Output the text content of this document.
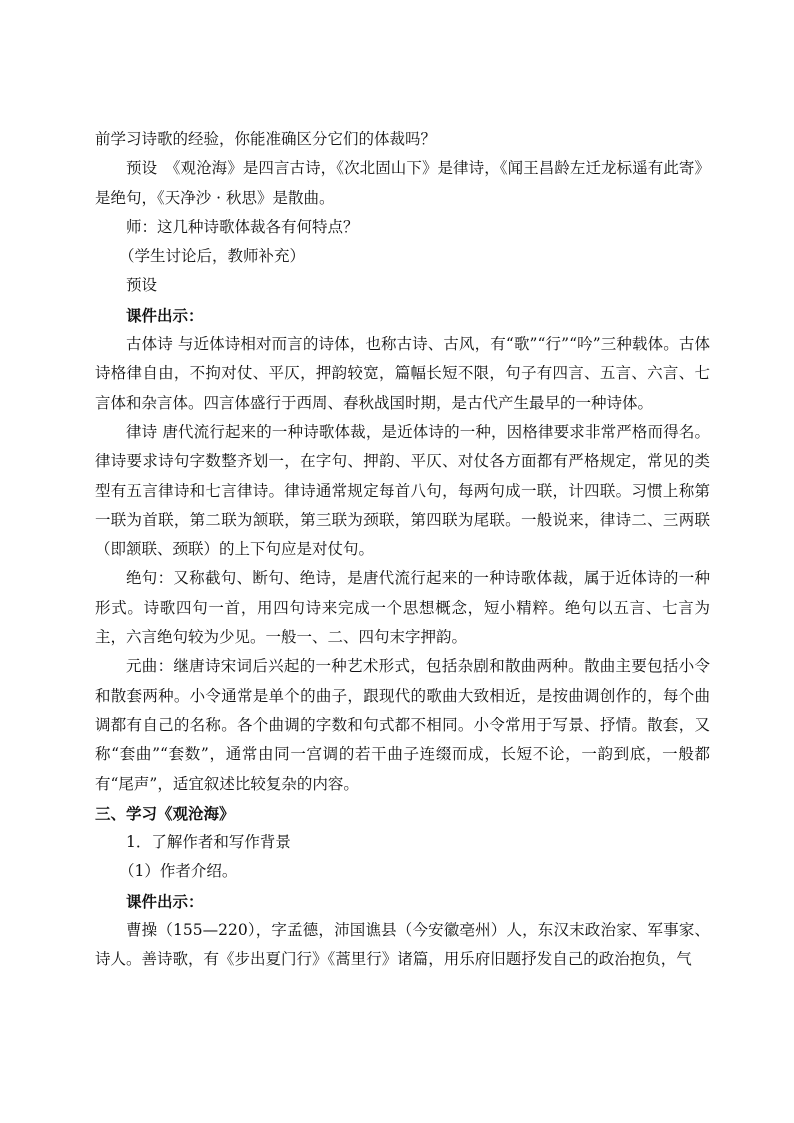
前学习诗歌的经验，你能准确区分它们的体裁吗？
预设　《观沧海》是四言古诗，《次北固山下》是律诗，《闻王昌龄左迁龙标遥有此寄》是绝句，《天净沙 · 秋思》是散曲。
师：这几种诗歌体裁各有何特点？
（学生讨论后，教师补充）
预设
课件出示：
古体诗 与近体诗相对而言的诗体，也称古诗、古风，有“歌”“行”“吟”三种载体。古体诗格律自由，不拘对仗、平仄，押韵较宽，篇幅长短不限，句子有四言、五言、六言、七言体和杂言体。四言体盛行于西周、春秋战国时期，是古代产生最早的一种诗体。
律诗 唐代流行起来的一种诗歌体裁，是近体诗的一种，因格律要求非常严格而得名。律诗要求诗句字数整齐划一，在字句、押韵、平仄、对仗各方面都有严格规定，常见的类型有五言律诗和七言律诗。律诗通常规定每首八句，每两句成一联，计四联。习惯上称第一联为首联，第二联为颔联，第三联为颈联，第四联为尾联。一般说来，律诗二、三两联（即颔联、颈联）的上下句应是对仗句。
绝句：又称截句、断句、绝诗，是唐代流行起来的一种诗歌体裁，属于近体诗的一种形式。诗歌四句一首，用四句诗来完成一个思想概念，短小精粹。绝句以五言、七言为主，六言绝句较为少见。一般一、二、四句末字押韵。
元曲：继唐诗宋词后兴起的一种艺术形式，包括杂剧和散曲两种。散曲主要包括小令和散套两种。小令通常是单个的曲子，跟现代的歌曲大致相近，是按曲调创作的，每个曲调都有自己的名称。各个曲调的字数和句式都不相同。小令常用于写景、抒情。散套，又称“套曲”“套数”，通常由同一宫调的若干曲子连缀而成，长短不论，一韵到底，一般都有“尾声”，适宜叙述比较复杂的内容。
三、学习《观沧海》
1．了解作者和写作背景
（1）作者介绍。
课件出示：
曹操（155—220），字孟德，沛国谯县（今安徽亳州）人，东汉末政治家、军事家、诗人。善诗歌，有《步出夏门行》《蒿里行》诸篇，用乐府旧题抒发自己的政治抱负，气
